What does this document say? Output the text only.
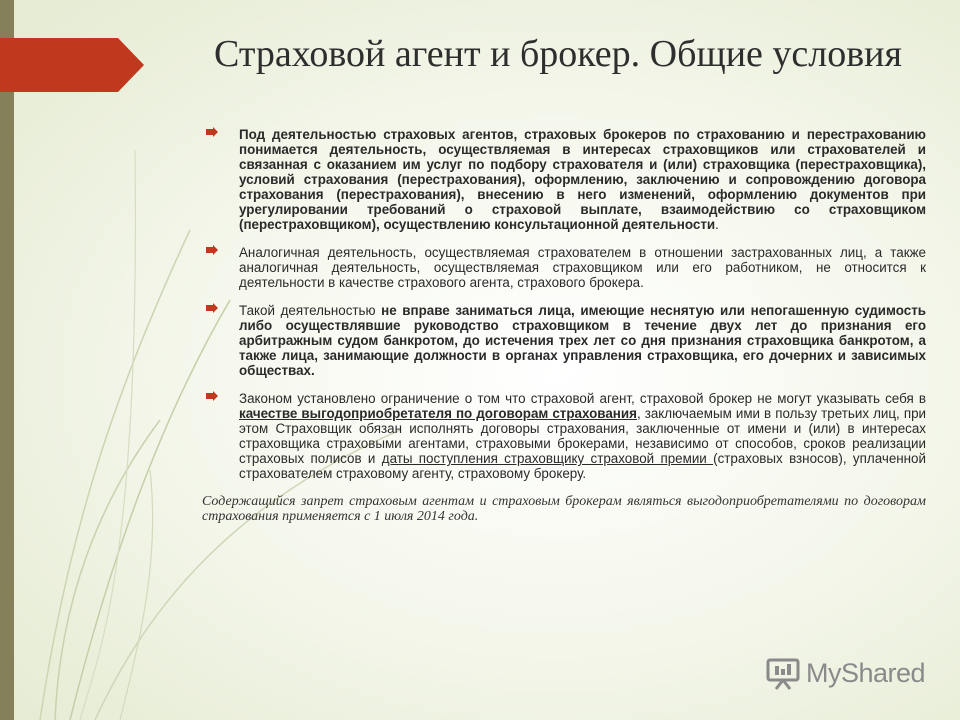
Страховой агент и брокер. Общие условия
Под деятельностью страховых агентов, страховых брокеров по страхованию и перестрахованию понимается деятельность, осуществляемая в интересах страховщиков или страхователей и связанная с оказанием им услуг по подбору страхователя и (или) страховщика (перестраховщика), условий страхования (перестрахования), оформлению, заключению и сопровождению договора страхования (перестрахования), внесению в него изменений, оформлению документов при урегулировании требований о страховой выплате, взаимодействию со страховщиком (перестраховщиком), осуществлению консультационной деятельности.
Аналогичная деятельность, осуществляемая страхователем в отношении застрахованных лиц, а также аналогичная деятельность, осуществляемая страховщиком или его работником, не относится к деятельности в качестве страхового агента, страхового брокера.
Такой деятельностью не вправе заниматься лица, имеющие неснятую или непогашенную судимость либо осуществлявшие руководство страховщиком в течение двух лет до признания его арбитражным судом банкротом, до истечения трех лет со дня признания страховщика банкротом, а также лица, занимающие должности в органах управления страховщика, его дочерних и зависимых обществах.
Законом установлено ограничение о том что страховой агент, страховой брокер не могут указывать себя в качестве выгодоприобретателя по договорам страхования, заключаемым ими в пользу третьих лиц, при этом Страховщик обязан исполнять договоры страхования, заключенные от имени и (или) в интересах страховщика страховыми агентами, страховыми брокерами, независимо от способов, сроков реализации страховых полисов и даты поступления страховщику страховой премии (страховых взносов), уплаченной страхователем страховому агенту, страховому брокеру.
Содержащийся запрет страховым агентам и страховым брокерам являться выгодоприобретателями по договорам страхования применяется с 1 июля 2014 года.
MyShared
